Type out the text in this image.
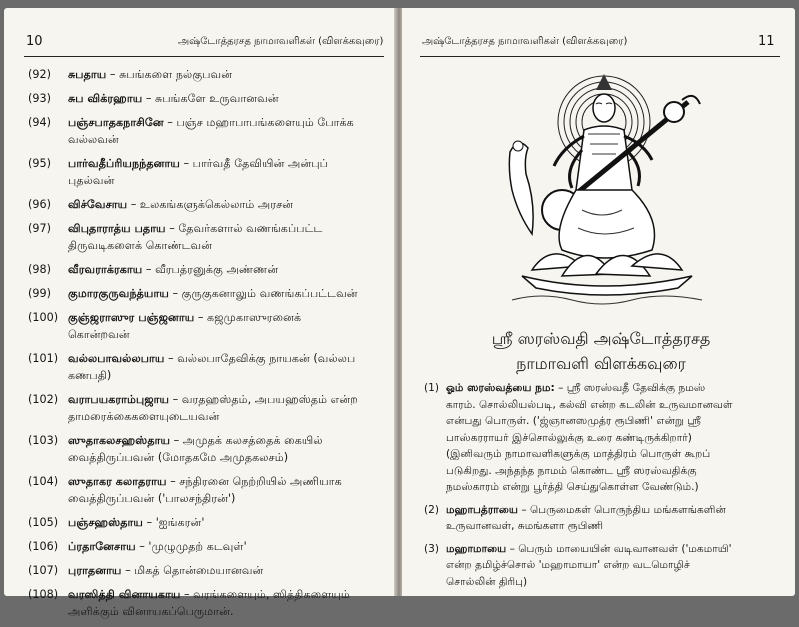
10	அஷ்டோத்தரசத நாமாவளிகள் (விளக்கவுரை)
(92) சுபதாய – சுபங்களை நல்குபவன்
(93) சுப விக்ரஹாய – சுபங்களே உருவானவன்
(94) பஞ்சபாதகநாசினே – பஞ்ச மஹாபாபங்களையும் போக்க
வல்லவன்
(95) பார்வதீப்ரியநந்தனாய – பார்வதீ தேவியின் அன்புப்
புதல்வன்
(96) விச்வேசாய – உலகங்களுக்கெல்லாம் அரசன்
(97) விபுதாராத்ய பதாய – தேவர்களால் வணங்கப்பட்ட
திருவடிகளைக் கொண்டவன்
(98) வீரவராக்ரகாய – வீரபத்ரனுக்கு அண்ணன்
(99) குமாரகுருவந்த்யாய – குருகுகனாலும் வணங்கப்பட்டவன்
(100) குஞ்ஜராஸுர பஞ்ஜனாய – கஜமுகாஸுரனைக்
கொன்றவன்
(101) வல்லபாவல்லபாய – வல்லபாதேவிக்கு நாயகன் (வல்லப
கணபதி)
(102) வராபயகராம்புஜாய – வரதஹஸ்தம், அபயஹஸ்தம் என்ற
தாமரைக்கைகளையுடையவன்
(103) ஸுதாகலசஹஸ்தாய – அமுதக் கலசத்தைக் கையில்
வைத்திருப்பவன் (மோதகமே அமுதகலசம்)
(104) ஸுதாகர கலாதராய – சந்திரனை நெற்றியில் அணியாக
வைத்திருப்பவன் ('பாலசந்திரன்')
(105) பஞ்சஹஸ்தாய – 'ஐங்கரன்'
(106) ப்ரதானேசாய – 'முழுமுதற் கடவுள்'
(107) புராதனாய – மிகத் தொன்மையானவன்
(108) வரஸித்தி வினாயகாய – வரங்களையும், ஸித்திகளையும்
அளிக்கும் வினாயகப்பெருமான்.
அஷ்டோத்தரசத நாமாவளிகள் (விளக்கவுரை)	11
ஸ்ரீ ஸரஸ்வதி அஷ்டோத்தரசத
நாமாவளி விளக்கவுரை
(1) ஓம் ஸரஸ்வத்யை நம: – ஸ்ரீ ஸரஸ்வதீ தேவிக்கு நமஸ்
காரம். சொல்லியல்படி, கல்வி என்ற கடலின் உருவமானவள்
என்பது பொருள். ('ஜ்ஞானஸமுத்ர ரூபிணி' என்று ஸ்ரீ
பாஸ்கரராயர் இச்சொல்லுக்கு உரை கண்டிருக்கிறார்)
(இனிவரும் நாமாவளிகளுக்கு மாத்திரம் பொருள் கூறப்
படுகிறது. அந்தந்த நாமம் கொண்ட ஸ்ரீ ஸரஸ்வதிக்கு
நமஸ்காரம் என்று பூர்த்தி செய்துகொள்ள வேண்டும்.)
(2) மஹாபத்ராயை – பெருமைகள் பொருந்திய மங்களங்களின்
உருவானவள், சுமங்களா ரூபிணி
(3) மஹாமாயை – பெரும் மாயையின் வடிவானவள் ('மகமாயி'
என்ற தமிழ்ச்சொல் 'மஹாமாயா' என்ற வடமொழிச்
சொல்லின் திரிபு)
